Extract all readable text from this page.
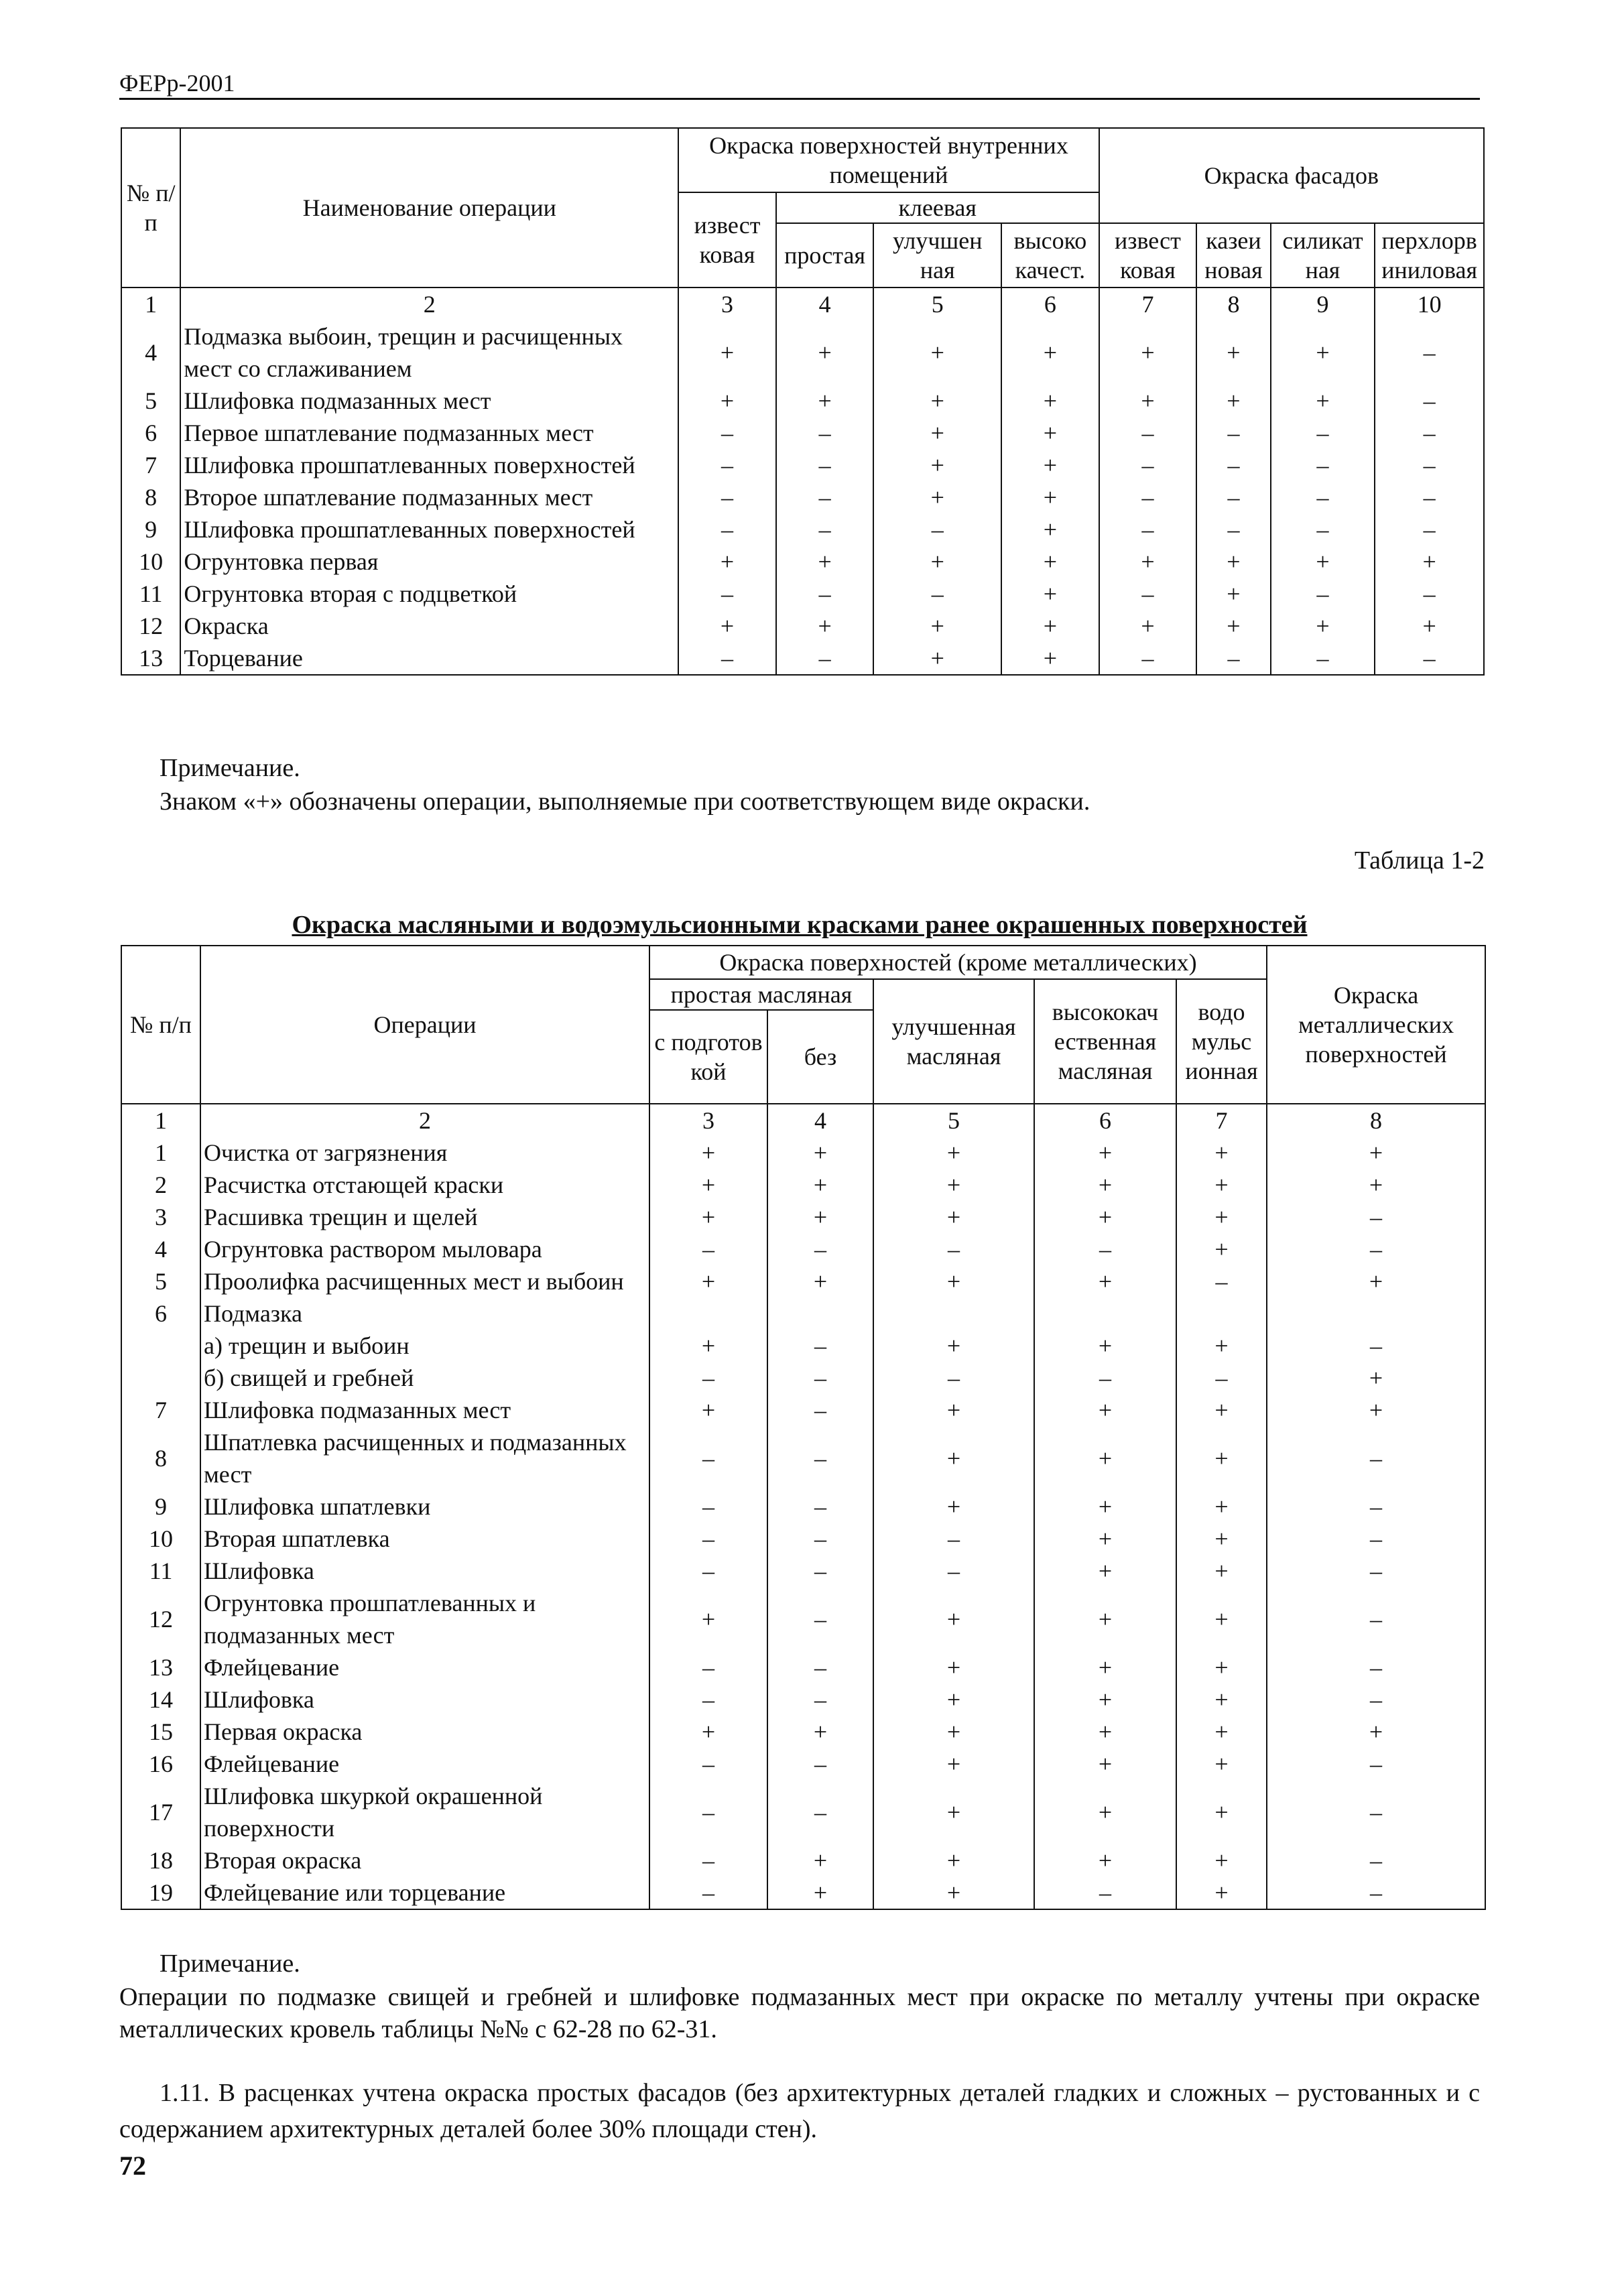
ФЕРр-2001
№ п/п	Наименование операции	Окраска поверхностей внутренних помещений				Окраска фасадов			
		извест ковая	клеевая						
			простая	улучшен ная	высоко качест.	извест ковая	казеи новая	силикат ная	перхлорв иниловая
1	2	3	4	5	6	7	8	9	10
4	Подмазка выбоин, трещин и расчищенных мест со сглаживанием	+	+	+	+	+	+	+	–
5	Шлифовка подмазанных мест	+	+	+	+	+	+	+	–
6	Первое шпатлевание подмазанных мест	–	–	+	+	–	–	–	–
7	Шлифовка прошпатлеванных поверхностей	–	–	+	+	–	–	–	–
8	Второе шпатлевание подмазанных мест	–	–	+	+	–	–	–	–
9	Шлифовка прошпатлеванных поверхностей	–	–	–	+	–	–	–	–
10	Огрунтовка первая	+	+	+	+	+	+	+	+
11	Огрунтовка вторая с подцветкой	–	–	–	+	–	+	–	–
12	Окраска	+	+	+	+	+	+	+	+
13	Торцевание	–	–	+	+	–	–	–	–
Примечание.
Знаком «+» обозначены операции, выполняемые при соответствующем виде окраски.
Таблица 1-2
Окраска масляными и водоэмульсионными красками ранее окрашенных поверхностей
№ п/п	Операции	Окраска поверхностей (кроме металлических)					Окраска металлических поверхностей
		простая масляная		улучшенная масляная	высококач ественная масляная	водо мульс ионная	
		с подготов кой	без				
1	2	3	4	5	6	7	8
1	Очистка от загрязнения	+	+	+	+	+	+
2	Расчистка отстающей краски	+	+	+	+	+	+
3	Расшивка трещин и щелей	+	+	+	+	+	–
4	Огрунтовка раствором мыловара	–	–	–	–	+	–
5	Проолифка расчищенных мест и выбоин	+	+	+	+	–	+
6	Подмазка						
	а) трещин и выбоин	+	–	+	+	+	–
	б) свищей и гребней	–	–	–	–	–	+
7	Шлифовка подмазанных мест	+	–	+	+	+	+
8	Шпатлевка расчищенных и подмазанных мест	–	–	+	+	+	–
9	Шлифовка шпатлевки	–	–	+	+	+	–
10	Вторая шпатлевка	–	–	–	+	+	–
11	Шлифовка	–	–	–	+	+	–
12	Огрунтовка прошпатлеванных и подмазанных мест	+	–	+	+	+	–
13	Флейцевание	–	–	+	+	+	–
14	Шлифовка	–	–	+	+	+	–
15	Первая окраска	+	+	+	+	+	+
16	Флейцевание	–	–	+	+	+	–
17	Шлифовка шкуркой окрашенной поверхности	–	–	+	+	+	–
18	Вторая окраска	–	+	+	+	+	–
19	Флейцевание или торцевание	–	+	+	–	+	–
Примечание.
Операции по подмазке свищей и гребней и шлифовке подмазанных мест при окраске по металлу учтены при окраске металлических кровель таблицы №№ с 62-28 по 62-31.
1.11. В расценках учтена окраска простых фасадов (без архитектурных деталей гладких и сложных – рустованных и с содержанием архитектурных деталей более 30% площади стен).
72
